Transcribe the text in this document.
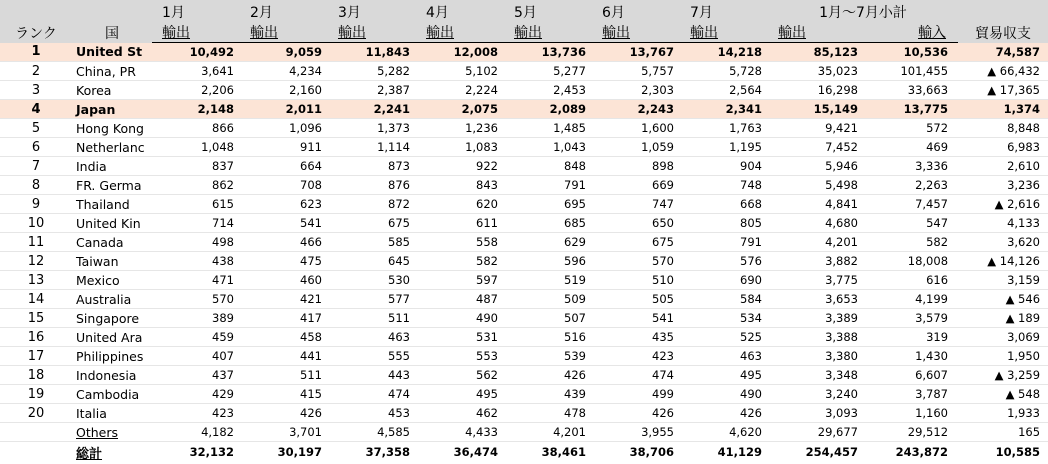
ランク	国	1月	2月	3月	4月	5月	6月	7月	1月〜7月小計		貿易収支
		輸出	輸出	輸出	輸出	輸出	輸出	輸出	輸出	輸入	
1	United St	10,492	9,059	11,843	12,008	13,736	13,767	14,218	85,123	10,536	74,587
2	China, PR	3,641	4,234	5,282	5,102	5,277	5,757	5,728	35,023	101,455	▲ 66,432
3	Korea	2,206	2,160	2,387	2,224	2,453	2,303	2,564	16,298	33,663	▲ 17,365
4	Japan	2,148	2,011	2,241	2,075	2,089	2,243	2,341	15,149	13,775	1,374
5	Hong Kong	866	1,096	1,373	1,236	1,485	1,600	1,763	9,421	572	8,848
6	Netherlanc	1,048	911	1,114	1,083	1,043	1,059	1,195	7,452	469	6,983
7	India	837	664	873	922	848	898	904	5,946	3,336	2,610
8	FR. Germa	862	708	876	843	791	669	748	5,498	2,263	3,236
9	Thailand	615	623	872	620	695	747	668	4,841	7,457	▲ 2,616
10	United Kin	714	541	675	611	685	650	805	4,680	547	4,133
11	Canada	498	466	585	558	629	675	791	4,201	582	3,620
12	Taiwan	438	475	645	582	596	570	576	3,882	18,008	▲ 14,126
13	Mexico	471	460	530	597	519	510	690	3,775	616	3,159
14	Australia	570	421	577	487	509	505	584	3,653	4,199	▲ 546
15	Singapore	389	417	511	490	507	541	534	3,389	3,579	▲ 189
16	United Ara	459	458	463	531	516	435	525	3,388	319	3,069
17	Philippines	407	441	555	553	539	423	463	3,380	1,430	1,950
18	Indonesia	437	511	443	562	426	474	495	3,348	6,607	▲ 3,259
19	Cambodia	429	415	474	495	439	499	490	3,240	3,787	▲ 548
20	Italia	423	426	453	462	478	426	426	3,093	1,160	1,933
	Others	4,182	3,701	4,585	4,433	4,201	3,955	4,620	29,677	29,512	165
	総計	32,132	30,197	37,358	36,474	38,461	38,706	41,129	254,457	243,872	10,585
